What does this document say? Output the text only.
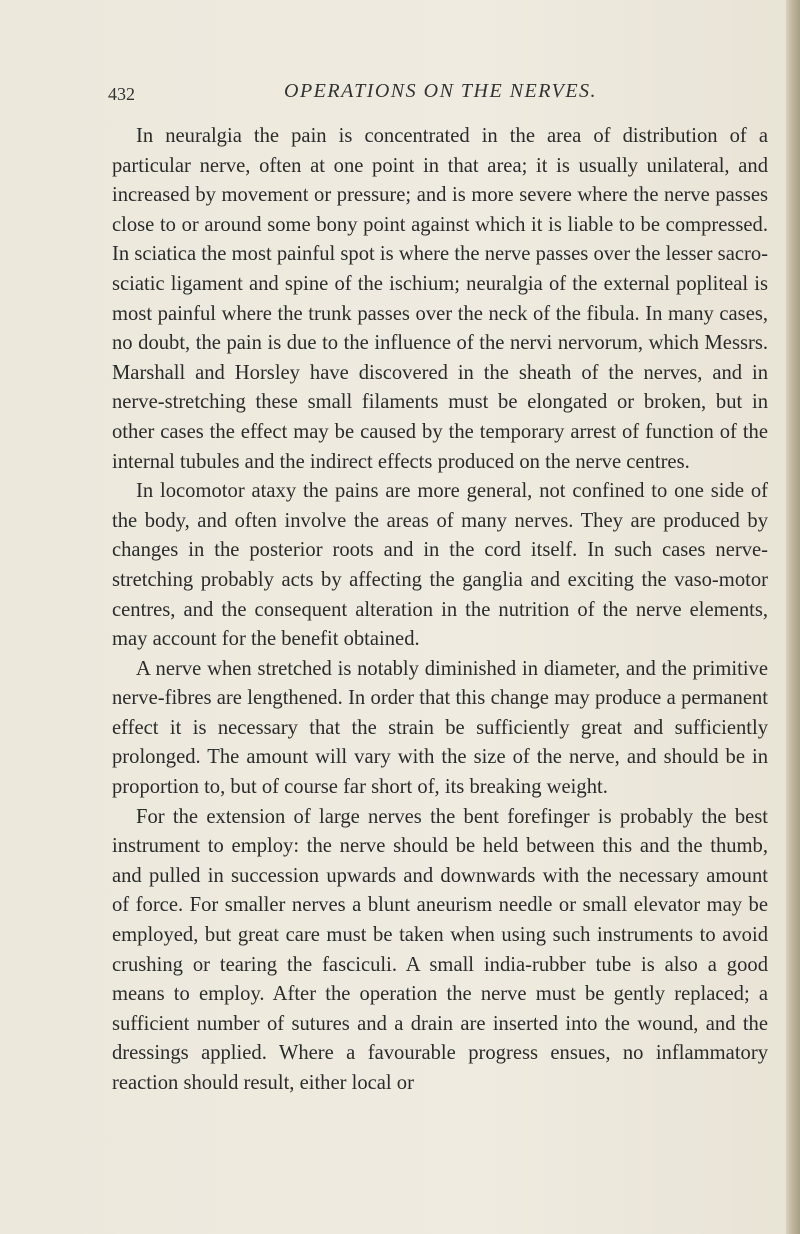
432	OPERATIONS ON THE NERVES.

In neuralgia the pain is concentrated in the area of distribution of a particular nerve, often at one point in that area; it is usually unilateral, and increased by movement or pressure; and is more severe where the nerve passes close to or around some bony point against which it is liable to be compressed. In sciatica the most painful spot is where the nerve passes over the lesser sacro-sciatic ligament and spine of the ischium; neuralgia of the external popliteal is most painful where the trunk passes over the neck of the fibula. In many cases, no doubt, the pain is due to the influence of the nervi nervorum, which Messrs. Marshall and Horsley have discovered in the sheath of the nerves, and in nerve-stretching these small filaments must be elongated or broken, but in other cases the effect may be caused by the temporary arrest of function of the internal tubules and the indirect effects produced on the nerve centres.

In locomotor ataxy the pains are more general, not confined to one side of the body, and often involve the areas of many nerves. They are produced by changes in the posterior roots and in the cord itself. In such cases nerve-stretching probably acts by affecting the ganglia and exciting the vaso-motor centres, and the consequent alteration in the nutrition of the nerve elements, may account for the benefit obtained.

A nerve when stretched is notably diminished in diameter, and the primitive nerve-fibres are lengthened. In order that this change may produce a permanent effect it is necessary that the strain be sufficiently great and sufficiently prolonged. The amount will vary with the size of the nerve, and should be in proportion to, but of course far short of, its breaking weight.

For the extension of large nerves the bent forefinger is probably the best instrument to employ: the nerve should be held between this and the thumb, and pulled in succession upwards and downwards with the necessary amount of force. For smaller nerves a blunt aneurism needle or small elevator may be employed, but great care must be taken when using such instruments to avoid crushing or tearing the fasciculi. A small india-rubber tube is also a good means to employ. After the operation the nerve must be gently replaced; a sufficient number of sutures and a drain are inserted into the wound, and the dressings applied. Where a favourable progress ensues, no inflammatory reaction should result, either local or
